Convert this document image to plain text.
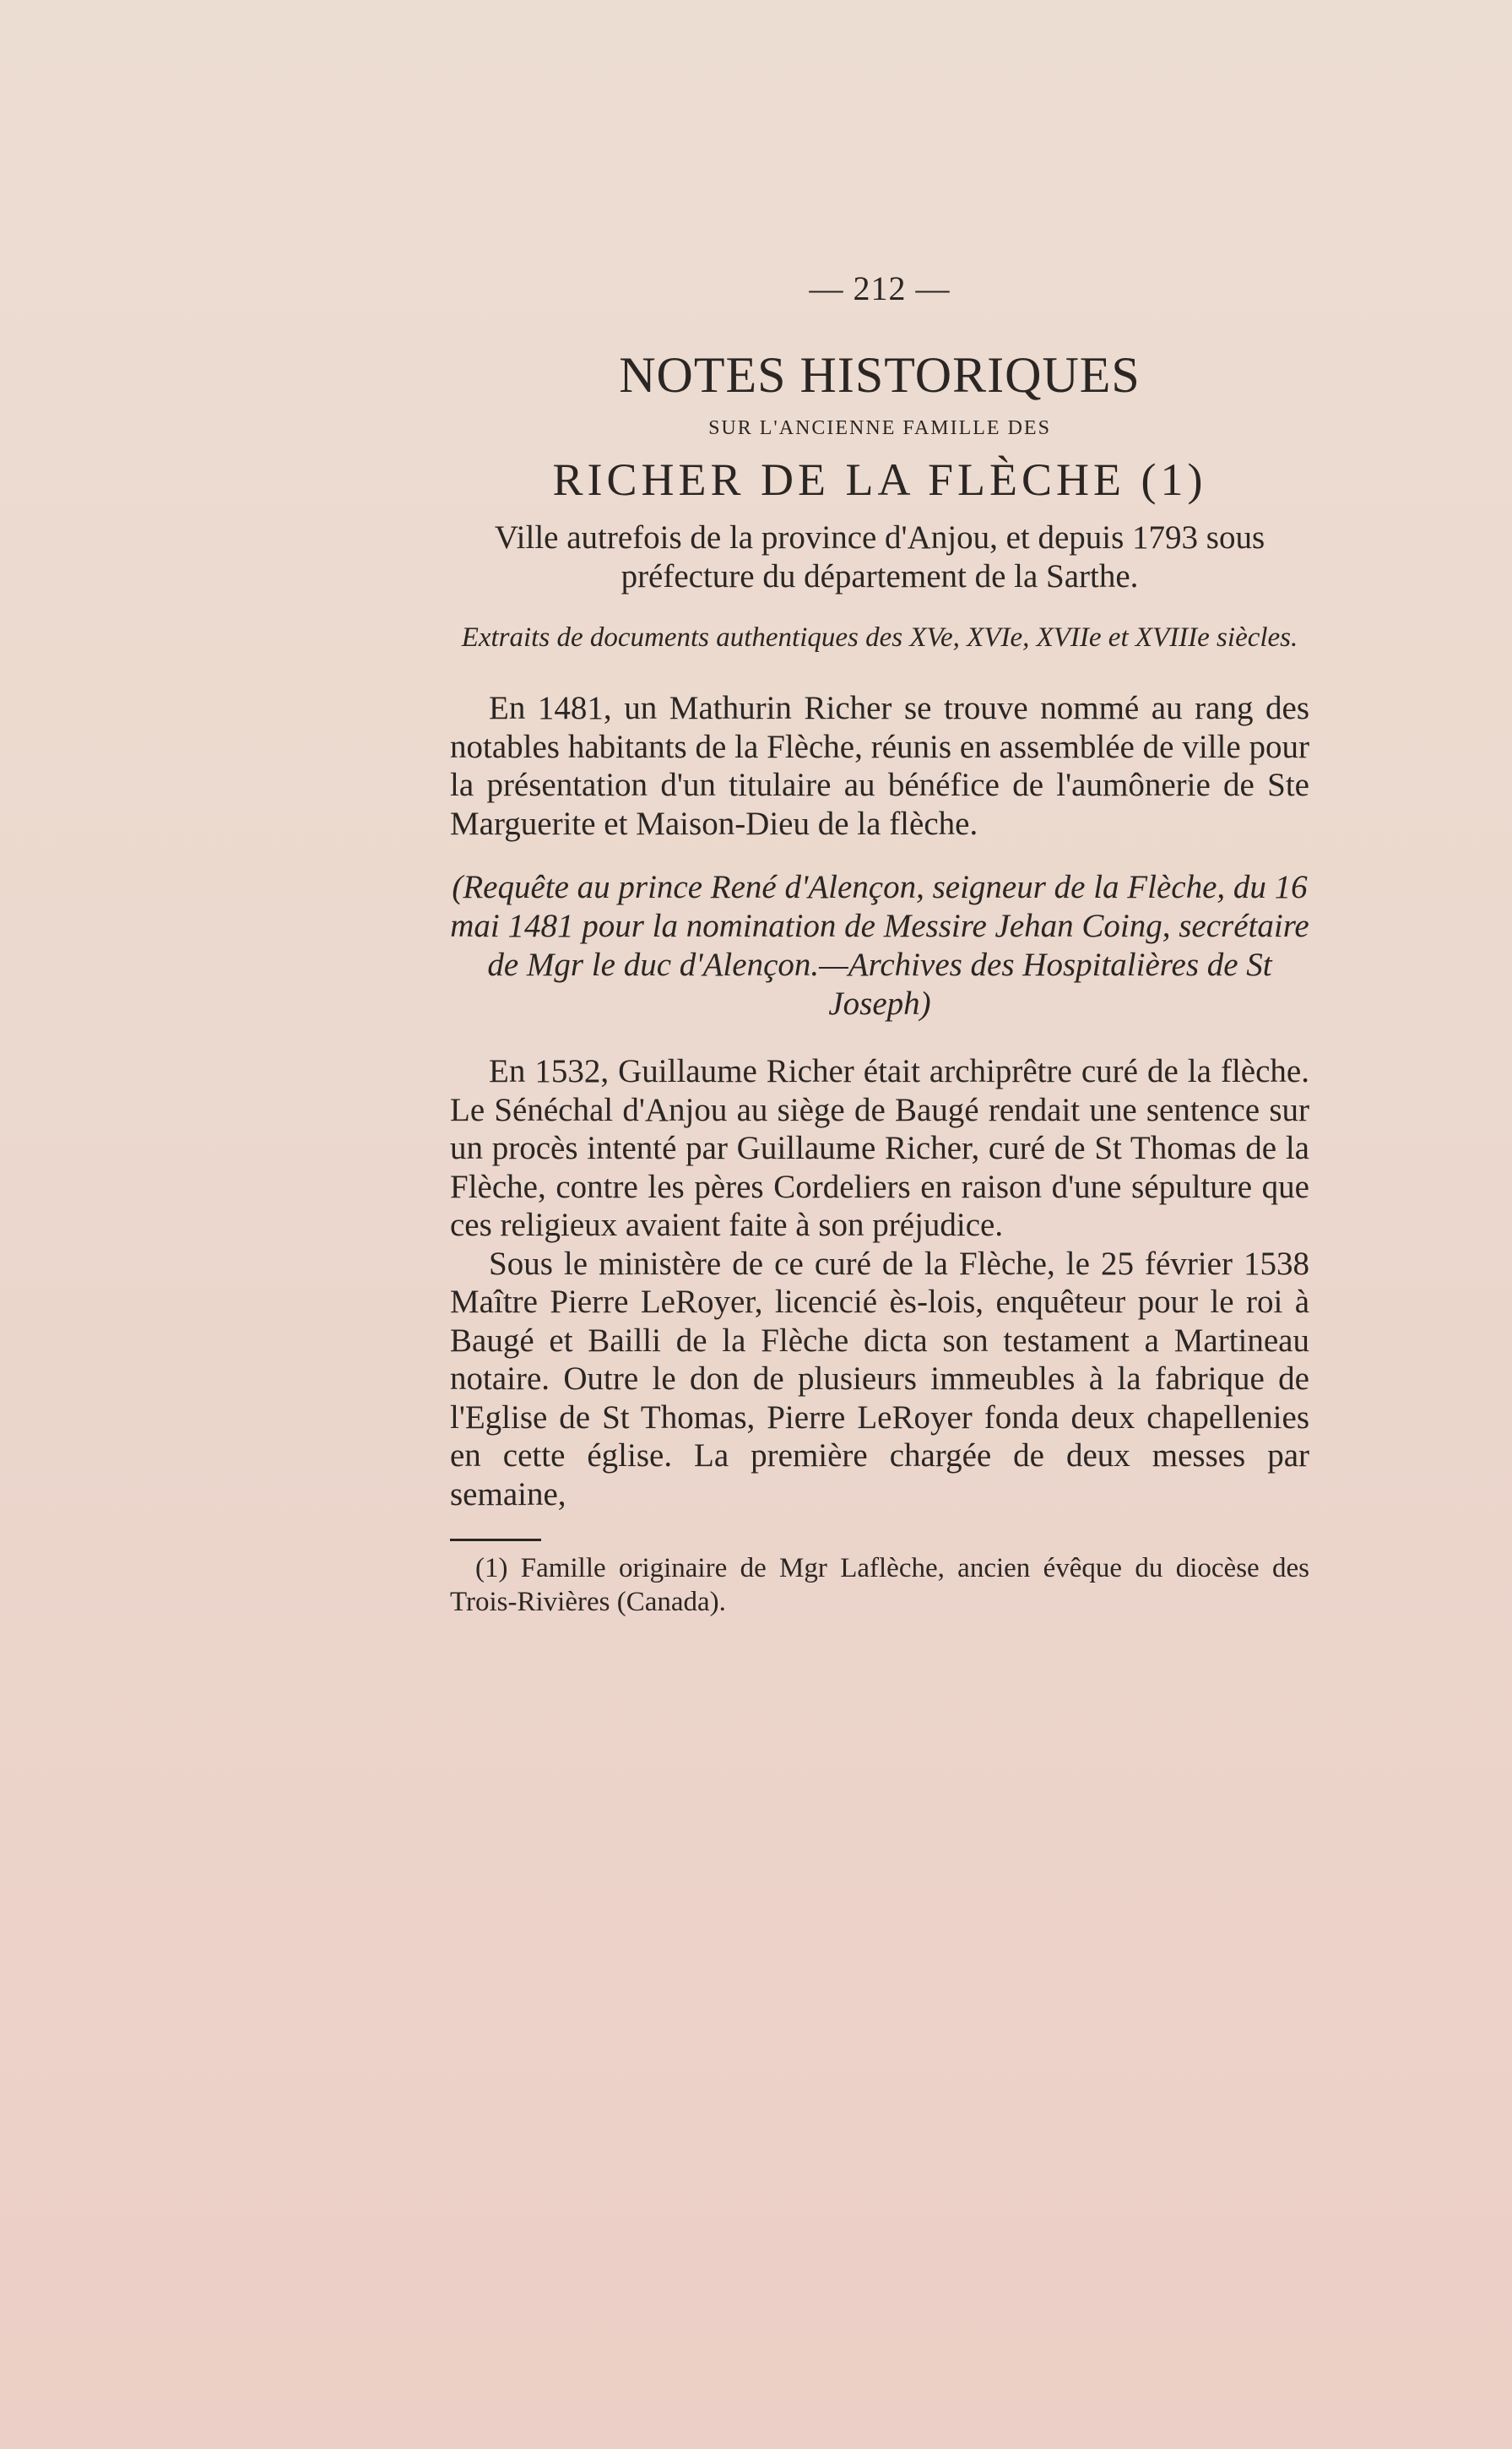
— 212 —
NOTES HISTORIQUES
SUR L'ANCIENNE FAMILLE DES
RICHER DE LA FLÈCHE (1)
Ville autrefois de la province d'Anjou, et depuis 1793 sous préfecture du département de la Sarthe.
Extraits de documents authentiques des XVe, XVIe, XVIIe et XVIIIe siècles.

En 1481, un Mathurin Richer se trouve nommé au rang des notables habitants de la Flèche, réunis en assemblée de ville pour la présentation d'un titulaire au bénéfice de l'aumônerie de Ste Marguerite et Maison-Dieu de la flèche.

(Requête au prince René d'Alençon, seigneur de la Flèche, du 16 mai 1481 pour la nomination de Messire Jehan Coing, secrétaire de Mgr le duc d'Alençon.—Archives des Hospitalières de St Joseph)

En 1532, Guillaume Richer était archiprêtre curé de la flèche. Le Sénéchal d'Anjou au siège de Baugé rendait une sentence sur un procès intenté par Guillaume Richer, curé de St Thomas de la Flèche, contre les pères Cordeliers en raison d'une sépulture que ces religieux avaient faite à son préjudice.

Sous le ministère de ce curé de la Flèche, le 25 février 1538 Maître Pierre LeRoyer, licencié ès-lois, enquêteur pour le roi à Baugé et Bailli de la Flèche dicta son testament a Martineau notaire. Outre le don de plusieurs immeubles à la fabrique de l'Eglise de St Thomas, Pierre LeRoyer fonda deux chapellenies en cette église. La première chargée de deux messes par semaine,

(1) Famille originaire de Mgr Laflèche, ancien évêque du diocèse des Trois-Rivières (Canada).
